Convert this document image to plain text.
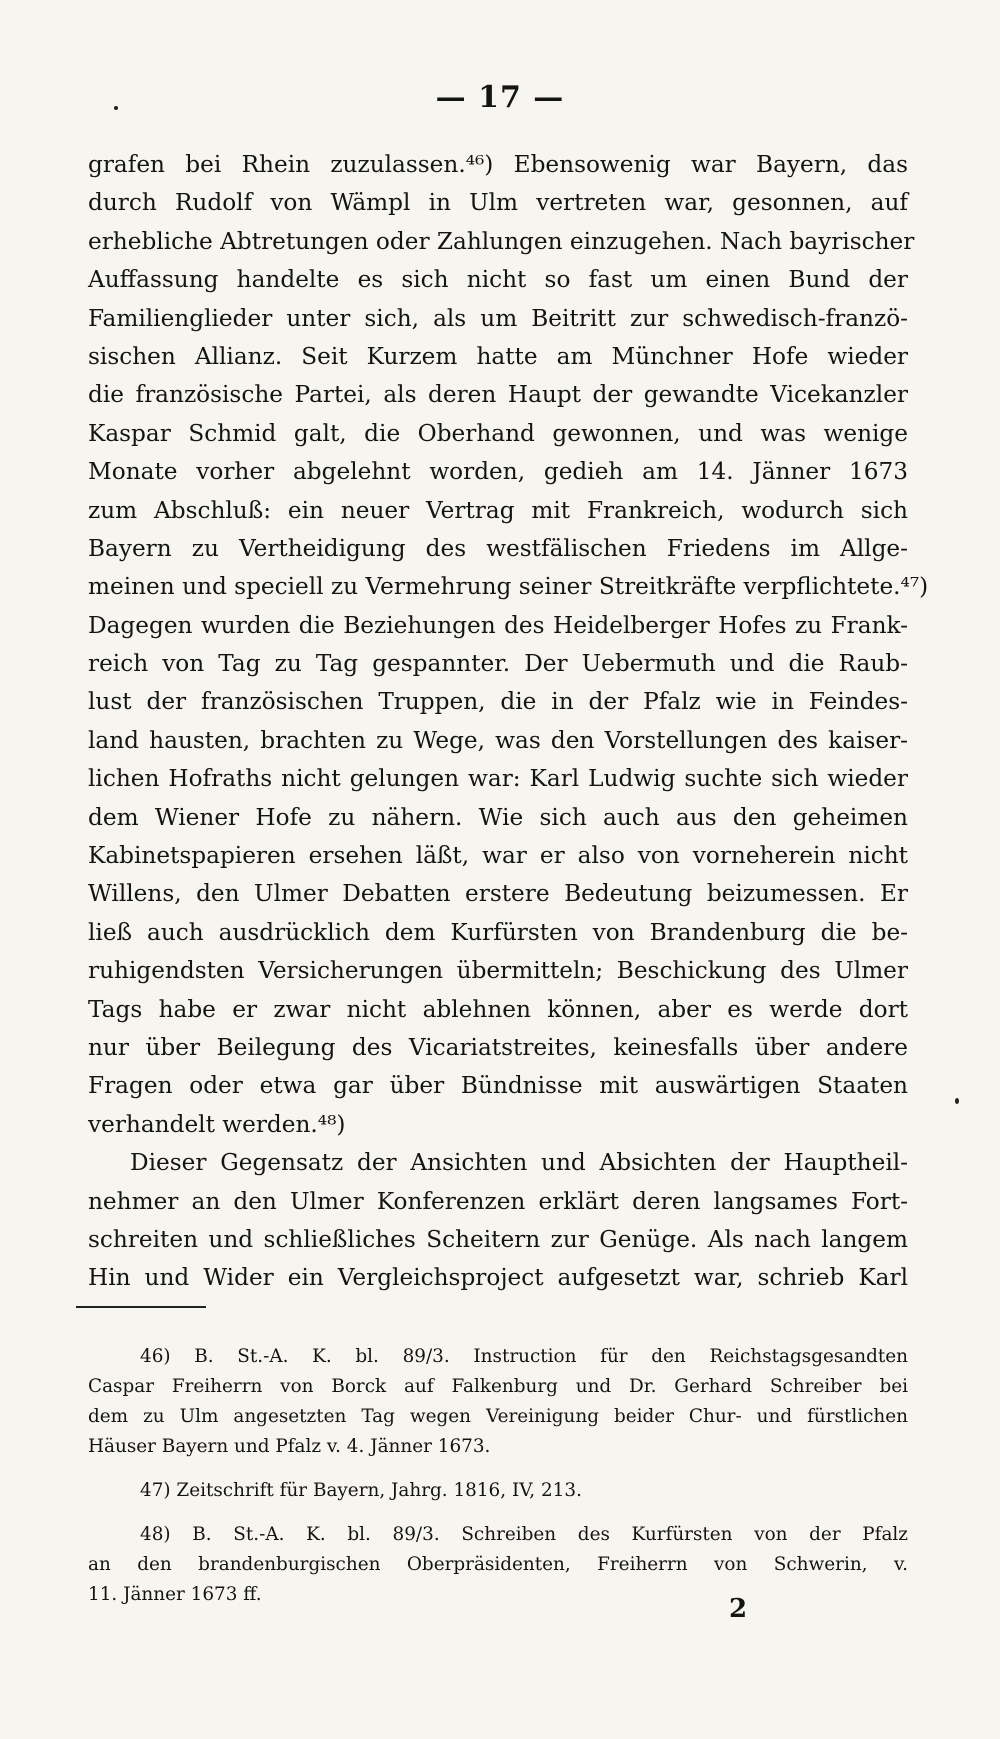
— 17 —
grafen bei Rhein zuzulassen.⁴⁶) Ebensowenig war Bayern, das
durch Rudolf von Wämpl in Ulm vertreten war, gesonnen, auf
erhebliche Abtretungen oder Zahlungen einzugehen. Nach bayrischer
Auffassung handelte es sich nicht so fast um einen Bund der
Familienglieder unter sich, als um Beitritt zur schwedisch-franzö-
sischen Allianz. Seit Kurzem hatte am Münchner Hofe wieder
die französische Partei, als deren Haupt der gewandte Vicekanzler
Kaspar Schmid galt, die Oberhand gewonnen, und was wenige
Monate vorher abgelehnt worden, gedieh am 14. Jänner 1673
zum Abschluß: ein neuer Vertrag mit Frankreich, wodurch sich
Bayern zu Vertheidigung des westfälischen Friedens im Allge-
meinen und speciell zu Vermehrung seiner Streitkräfte verpflichtete.⁴⁷)
Dagegen wurden die Beziehungen des Heidelberger Hofes zu Frank-
reich von Tag zu Tag gespannter. Der Uebermuth und die Raub-
lust der französischen Truppen, die in der Pfalz wie in Feindes-
land hausten, brachten zu Wege, was den Vorstellungen des kaiser-
lichen Hofraths nicht gelungen war: Karl Ludwig suchte sich wieder
dem Wiener Hofe zu nähern. Wie sich auch aus den geheimen
Kabinetspapieren ersehen läßt, war er also von vorneherein nicht
Willens, den Ulmer Debatten erstere Bedeutung beizumessen. Er
ließ auch ausdrücklich dem Kurfürsten von Brandenburg die be-
ruhigendsten Versicherungen übermitteln; Beschickung des Ulmer
Tags habe er zwar nicht ablehnen können, aber es werde dort
nur über Beilegung des Vicariatstreites, keinesfalls über andere
Fragen oder etwa gar über Bündnisse mit auswärtigen Staaten
verhandelt werden.⁴⁸)
Dieser Gegensatz der Ansichten und Absichten der Hauptheil-
nehmer an den Ulmer Konferenzen erklärt deren langsames Fort-
schreiten und schließliches Scheitern zur Genüge. Als nach langem
Hin und Wider ein Vergleichsproject aufgesetzt war, schrieb Karl
46) B. St.-A. K. bl. 89/3. Instruction für den Reichstagsgesandten
Caspar Freiherrn von Borck auf Falkenburg und Dr. Gerhard Schreiber bei
dem zu Ulm angesetzten Tag wegen Vereinigung beider Chur- und fürstlichen
Häuser Bayern und Pfalz v. 4. Jänner 1673.
47) Zeitschrift für Bayern, Jahrg. 1816, IV, 213.
48) B. St.-A. K. bl. 89/3. Schreiben des Kurfürsten von der Pfalz
an den brandenburgischen Oberpräsidenten, Freiherrn von Schwerin, v.
11. Jänner 1673 ff.	2
